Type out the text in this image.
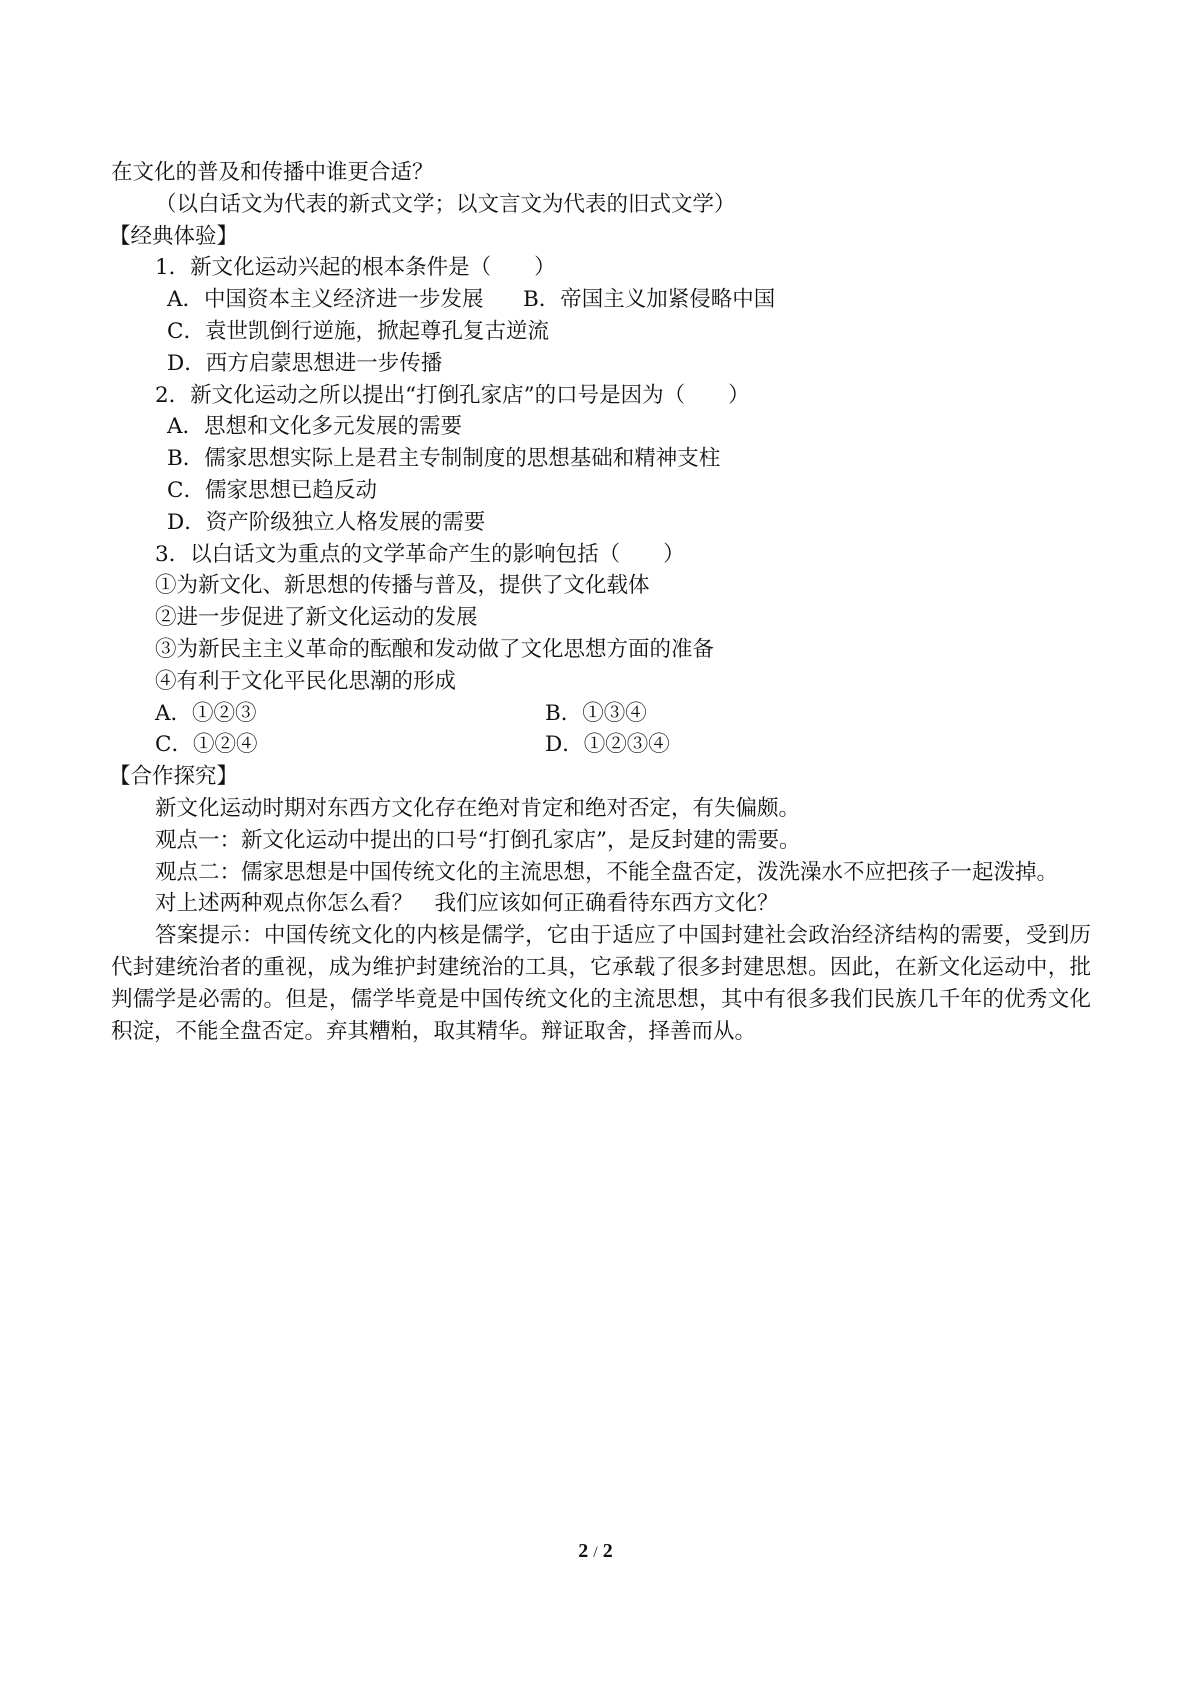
在文化的普及和传播中谁更合适？
（以白话文为代表的新式文学；以文言文为代表的旧式文学）
【经典体验】
1．新文化运动兴起的根本条件是（　　）
A．中国资本主义经济进一步发展	B．帝国主义加紧侵略中国
C．袁世凯倒行逆施，掀起尊孔复古逆流
D．西方启蒙思想进一步传播
2．新文化运动之所以提出“打倒孔家店”的口号是因为（　　）
A．思想和文化多元发展的需要
B．儒家思想实际上是君主专制制度的思想基础和精神支柱
C．儒家思想已趋反动
D．资产阶级独立人格发展的需要
3．以白话文为重点的文学革命产生的影响包括（　　）
①为新文化、新思想的传播与普及，提供了文化载体
②进一步促进了新文化运动的发展
③为新民主主义革命的酝酿和发动做了文化思想方面的准备
④有利于文化平民化思潮的形成
A．①②③	B．①③④
C．①②④	D．①②③④
【合作探究】
新文化运动时期对东西方文化存在绝对肯定和绝对否定，有失偏颇。
观点一：新文化运动中提出的口号“打倒孔家店”，是反封建的需要。
观点二：儒家思想是中国传统文化的主流思想，不能全盘否定，泼洗澡水不应把孩子一起泼掉。
对上述两种观点你怎么看？　我们应该如何正确看待东西方文化？
答案提示：中国传统文化的内核是儒学，它由于适应了中国封建社会政治经济结构的需要，受到历代封建统治者的重视，成为维护封建统治的工具，它承载了很多封建思想。因此，在新文化运动中，批判儒学是必需的。但是，儒学毕竟是中国传统文化的主流思想，其中有很多我们民族几千年的优秀文化积淀，不能全盘否定。弃其糟粕，取其精华。辩证取舍，择善而从。
2 / 2
